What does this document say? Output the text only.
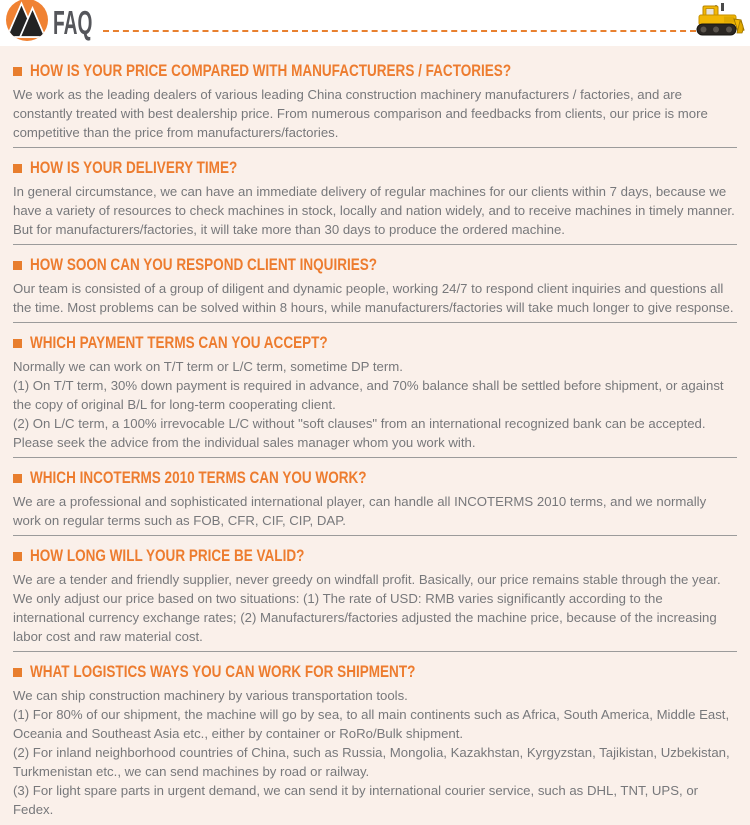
FAQ
HOW IS YOUR PRICE COMPARED WITH MANUFACTURERS / FACTORIES?

We work as the leading dealers of various leading China construction machinery manufacturers / factories, and are constantly treated with best dealership price. From numerous comparison and feedbacks from clients, our price is more competitive than the price from manufacturers/factories.

HOW IS YOUR DELIVERY TIME?

In general circumstance, we can have an immediate delivery of regular machines for our clients within 7 days, because we have a variety of resources to check machines in stock, locally and nation widely, and to receive machines in timely manner. But for manufacturers/factories, it will take more than 30 days to produce the ordered machine.

HOW SOON CAN YOU RESPOND CLIENT INQUIRIES?

Our team is consisted of a group of diligent and dynamic people, working 24/7 to respond client inquiries and questions all the time. Most problems can be solved within 8 hours, while manufacturers/factories will take much longer to give response.

WHICH PAYMENT TERMS CAN YOU ACCEPT?

Normally we can work on T/T term or L/C term, sometime DP term.

(1) On T/T term, 30% down payment is required in advance, and 70% balance shall be settled before shipment, or against the copy of original B/L for long-term cooperating client.

(2) On L/C term, a 100% irrevocable L/C without "soft clauses" from an international recognized bank can be accepted. Please seek the advice from the individual sales manager whom you work with.

WHICH INCOTERMS 2010 TERMS CAN YOU WORK?

We are a professional and sophisticated international player, can handle all INCOTERMS 2010 terms, and we normally work on regular terms such as FOB, CFR, CIF, CIP, DAP.

HOW LONG WILL YOUR PRICE BE VALID?

We are a tender and friendly supplier, never greedy on windfall profit. Basically, our price remains stable through the year. We only adjust our price based on two situations: (1) The rate of USD: RMB varies significantly according to the international currency exchange rates; (2) Manufacturers/factories adjusted the machine price, because of the increasing labor cost and raw material cost.

WHAT LOGISTICS WAYS YOU CAN WORK FOR SHIPMENT?

We can ship construction machinery by various transportation tools.

(1) For 80% of our shipment, the machine will go by sea, to all main continents such as Africa, South America, Middle East, Oceania and Southeast Asia etc., either by container or RoRo/Bulk shipment.

(2) For inland neighborhood countries of China, such as Russia, Mongolia, Kazakhstan, Kyrgyzstan, Tajikistan, Uzbekistan, Turkmenistan etc., we can send machines by road or railway.

(3) For light spare parts in urgent demand, we can send it by international courier service, such as DHL, TNT, UPS, or Fedex.
